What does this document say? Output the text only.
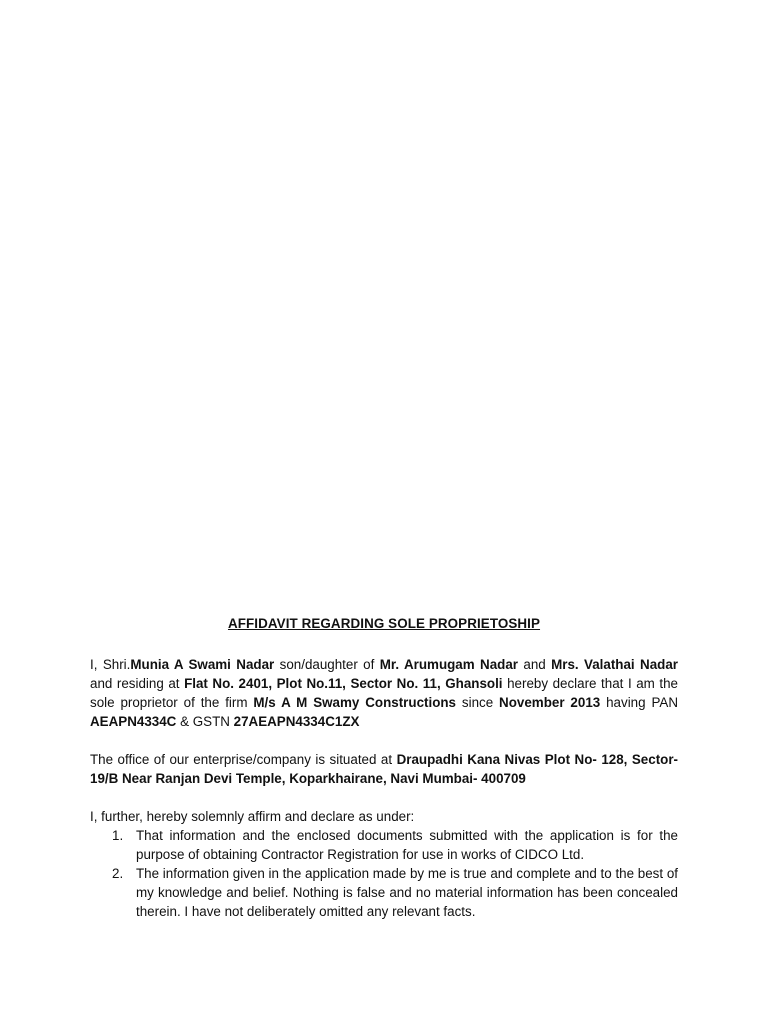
AFFIDAVIT REGARDING SOLE PROPRIETOSHIP

I, Shri.Munia A Swami Nadar son/daughter of Mr. Arumugam Nadar and Mrs. Valathai Nadar and residing at Flat No. 2401, Plot No.11, Sector No. 11, Ghansoli hereby declare that I am the sole proprietor of the firm M/s A M Swamy Constructions since November 2013 having PAN AEAPN4334C & GSTN 27AEAPN4334C1ZX

The office of our enterprise/company is situated at Draupadhi Kana Nivas Plot No- 128, Sector-19/B Near Ranjan Devi Temple, Koparkhairane, Navi Mumbai- 400709

I, further, hereby solemnly affirm and declare as under:

1. That information and the enclosed documents submitted with the application is for the purpose of obtaining Contractor Registration for use in works of CIDCO Ltd.
2. The information given in the application made by me is true and complete and to the best of my knowledge and belief. Nothing is false and no material information has been concealed therein. I have not deliberately omitted any relevant facts.
